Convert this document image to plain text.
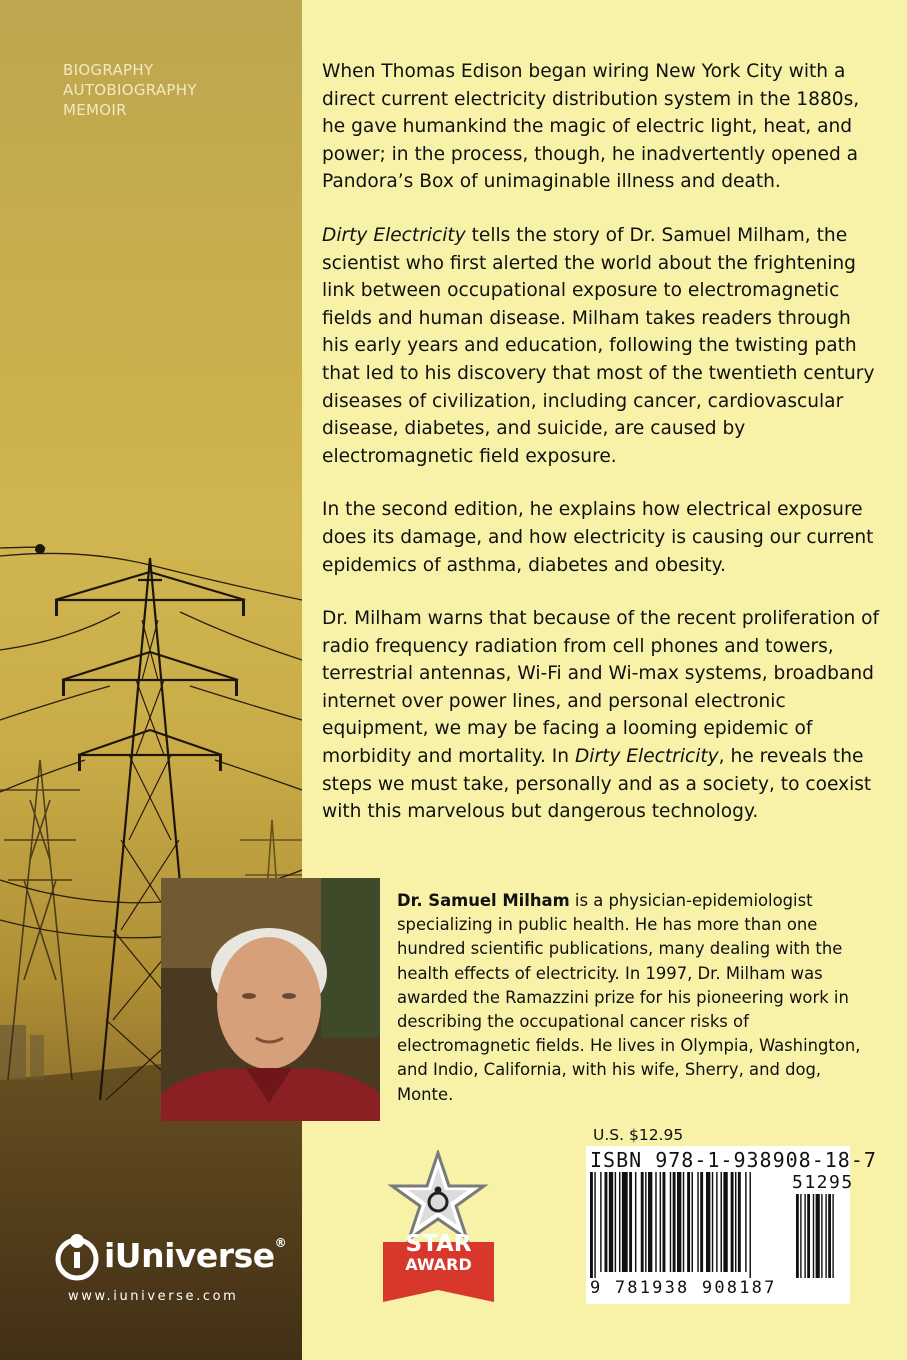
BIOGRAPHY
AUTOBIOGRAPHY
MEMOIR
iUniverse®
www.iuniverse.com

When Thomas Edison began wiring New York City with a direct current electricity distribution system in the 1880s, he gave humankind the magic of electric light, heat, and power; in the process, though, he inadvertently opened a Pandora’s Box of unimaginable illness and death.

Dirty Electricity tells the story of Dr. Samuel Milham, the scientist who first alerted the world about the frightening link between occupational exposure to electromagnetic fields and human disease. Milham takes readers through his early years and education, following the twisting path that led to his discovery that most of the twentieth century diseases of civilization, including cancer, cardiovascular disease, diabetes, and suicide, are caused by electromagnetic field exposure.

In the second edition, he explains how electrical exposure does its damage, and how electricity is causing our current epidemics of asthma, diabetes and obesity.

Dr. Milham warns that because of the recent proliferation of radio frequency radiation from cell phones and towers, terrestrial antennas, Wi-Fi and Wi-max systems, broadband internet over power lines, and personal electronic equipment, we may be facing a looming epidemic of morbidity and mortality. In Dirty Electricity, he reveals the steps we must take, personally and as a society, to coexist with this marvelous but dangerous technology.

Dr. Samuel Milham is a physician-epidemiologist specializing in public health. He has more than one hundred scientific publications, many dealing with the health effects of electricity. In 1997, Dr. Milham was awarded the Ramazzini prize for his pioneering work in describing the occupational cancer risks of electromagnetic fields. He lives in Olympia, Washington, and Indio, California, with his wife, Sherry, and dog, Monte.
U.S. $12.95
STAR
AWARD
ISBN 978-1-938908-18-7
51295
9 781938 908187
